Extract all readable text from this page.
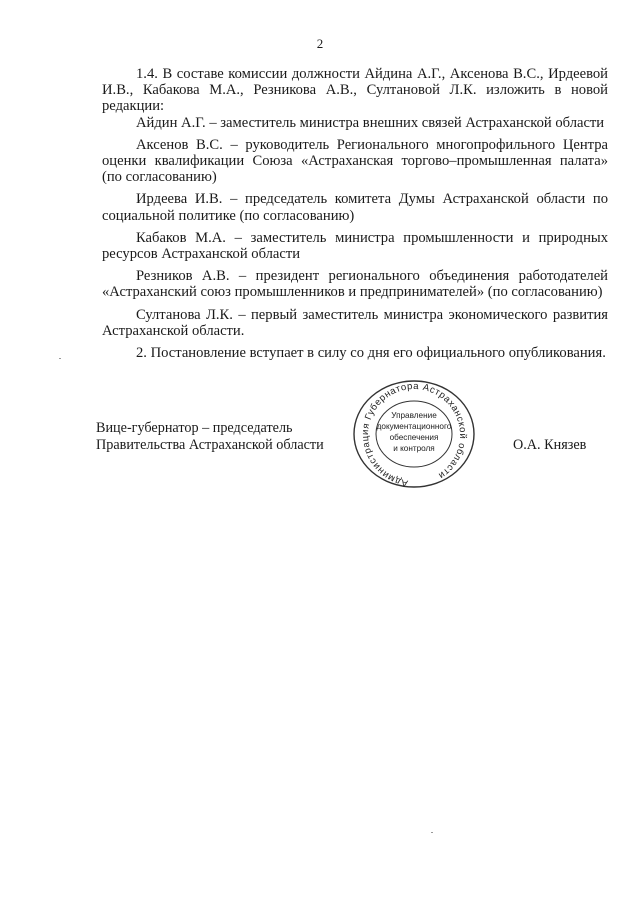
2

1.4. В составе комиссии должности Айдина А.Г., Аксенова В.С., Ирдеевой И.В., Кабакова М.А., Резникова А.В., Султановой Л.К. изложить в новой редакции:

Айдин А.Г. – заместитель министра внешних связей Астраханской области

Аксенов В.С. – руководитель Регионального многопрофильного Центра оценки квалификации Союза «Астраханская торгово–промышленная палата» (по согласованию)

Ирдеева И.В. – председатель комитета Думы Астраханской области по социальной политике (по согласованию)

Кабаков М.А. – заместитель министра промышленности и природных ресурсов Астраханской области

Резников А.В. – президент регионального объединения работодателей «Астраханский союз промышленников и предпринимателей» (по согласованию)

Султанова Л.К. – первый заместитель министра экономического развития Астраханской области.

2. Постановление вступает в силу со дня его официального опубликования.

Вице-губернатор – председатель
Правительства Астраханской области	О.А. Князев
Администрация Губернатора Астраханской области
Управление
документационного
обеспечения
и контроля
